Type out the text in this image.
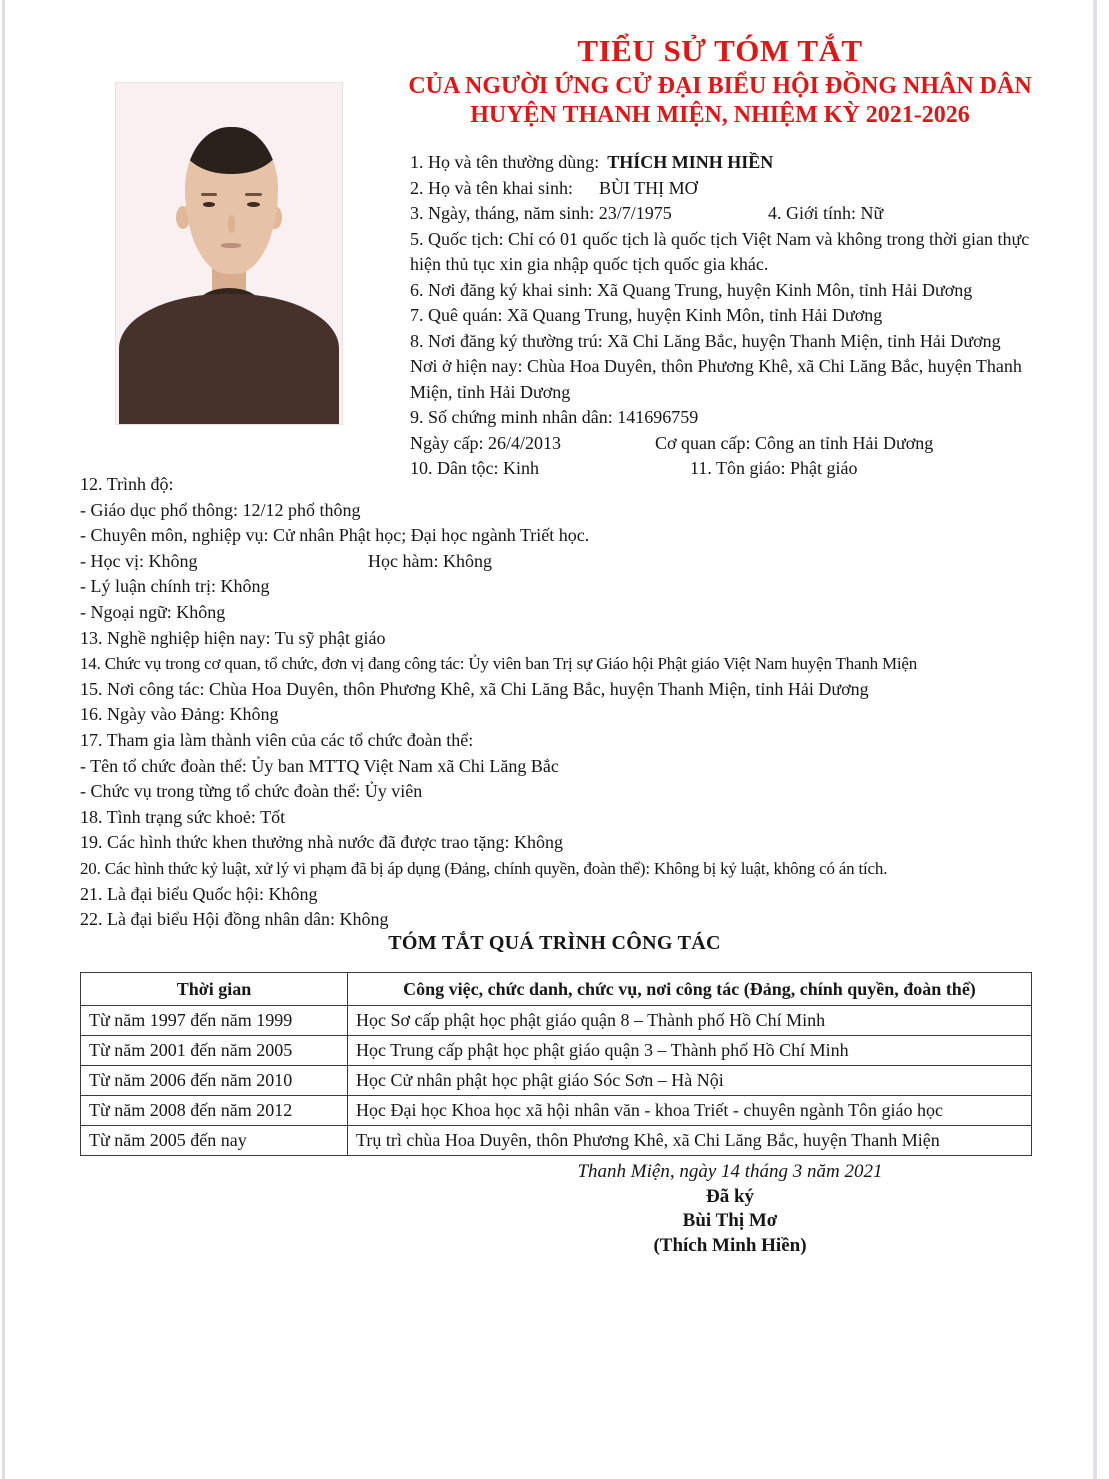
TIỂU SỬ TÓM TẮT
CỦA NGƯỜI ỨNG CỬ ĐẠI BIỂU HỘI ĐỒNG NHÂN DÂN
HUYỆN THANH MIỆN, NHIỆM KỲ 2021-2026
1. Họ và tên thường dùng: THÍCH MINH HIỀN
2. Họ và tên khai sinh: BÙI THỊ MƠ
3. Ngày, tháng, năm sinh: 23/7/1975	4. Giới tính: Nữ
5. Quốc tịch: Chỉ có 01 quốc tịch là quốc tịch Việt Nam và không trong thời gian thực hiện thủ tục xin gia nhập quốc tịch quốc gia khác.
6. Nơi đăng ký khai sinh: Xã Quang Trung, huyện Kinh Môn, tỉnh Hải Dương
7. Quê quán: Xã Quang Trung, huyện Kinh Môn, tỉnh Hải Dương
8. Nơi đăng ký thường trú: Xã Chi Lăng Bắc, huyện Thanh Miện, tỉnh Hải Dương
Nơi ở hiện nay: Chùa Hoa Duyên, thôn Phương Khê, xã Chi Lăng Bắc, huyện Thanh Miện, tỉnh Hải Dương
9. Số chứng minh nhân dân: 141696759
Ngày cấp: 26/4/2013	Cơ quan cấp: Công an tỉnh Hải Dương
10. Dân tộc: Kinh	11. Tôn giáo: Phật giáo
12. Trình độ:
- Giáo dục phổ thông: 12/12 phổ thông
- Chuyên môn, nghiệp vụ: Cử nhân Phật học; Đại học ngành Triết học.
- Học vị: Không	Học hàm: Không
- Lý luận chính trị: Không
- Ngoại ngữ: Không
13. Nghề nghiệp hiện nay: Tu sỹ phật giáo
14. Chức vụ trong cơ quan, tổ chức, đơn vị đang công tác: Ủy viên ban Trị sự Giáo hội Phật giáo Việt Nam huyện Thanh Miện
15. Nơi công tác: Chùa Hoa Duyên, thôn Phương Khê, xã Chi Lăng Bắc, huyện Thanh Miện, tỉnh Hải Dương
16. Ngày vào Đảng: Không
17. Tham gia làm thành viên của các tổ chức đoàn thể:
- Tên tổ chức đoàn thể: Ủy ban MTTQ Việt Nam xã Chi Lăng Bắc
- Chức vụ trong từng tổ chức đoàn thể: Ủy viên
18. Tình trạng sức khoẻ: Tốt
19. Các hình thức khen thưởng nhà nước đã được trao tặng: Không
20. Các hình thức kỷ luật, xử lý vi phạm đã bị áp dụng (Đảng, chính quyền, đoàn thể): Không bị kỷ luật, không có án tích.
21. Là đại biểu Quốc hội: Không
22. Là đại biểu Hội đồng nhân dân: Không
TÓM TẮT QUÁ TRÌNH CÔNG TÁC
Thời gian	Công việc, chức danh, chức vụ, nơi công tác (Đảng, chính quyền, đoàn thể)
Từ năm 1997 đến năm 1999	Học Sơ cấp phật học phật giáo quận 8 – Thành phố Hồ Chí Minh
Từ năm 2001 đến năm 2005	Học Trung cấp phật học phật giáo quận 3 – Thành phố Hồ Chí Minh
Từ năm 2006 đến năm 2010	Học Cử nhân phật học phật giáo Sóc Sơn – Hà Nội
Từ năm 2008 đến năm 2012	Học Đại học Khoa học xã hội nhân văn - khoa Triết - chuyên ngành Tôn giáo học
Từ năm 2005 đến nay	Trụ trì chùa Hoa Duyên, thôn Phương Khê, xã Chi Lăng Bắc, huyện Thanh Miện
Thanh Miện, ngày 14 tháng 3 năm 2021
Đã ký
Bùi Thị Mơ
(Thích Minh Hiền)
